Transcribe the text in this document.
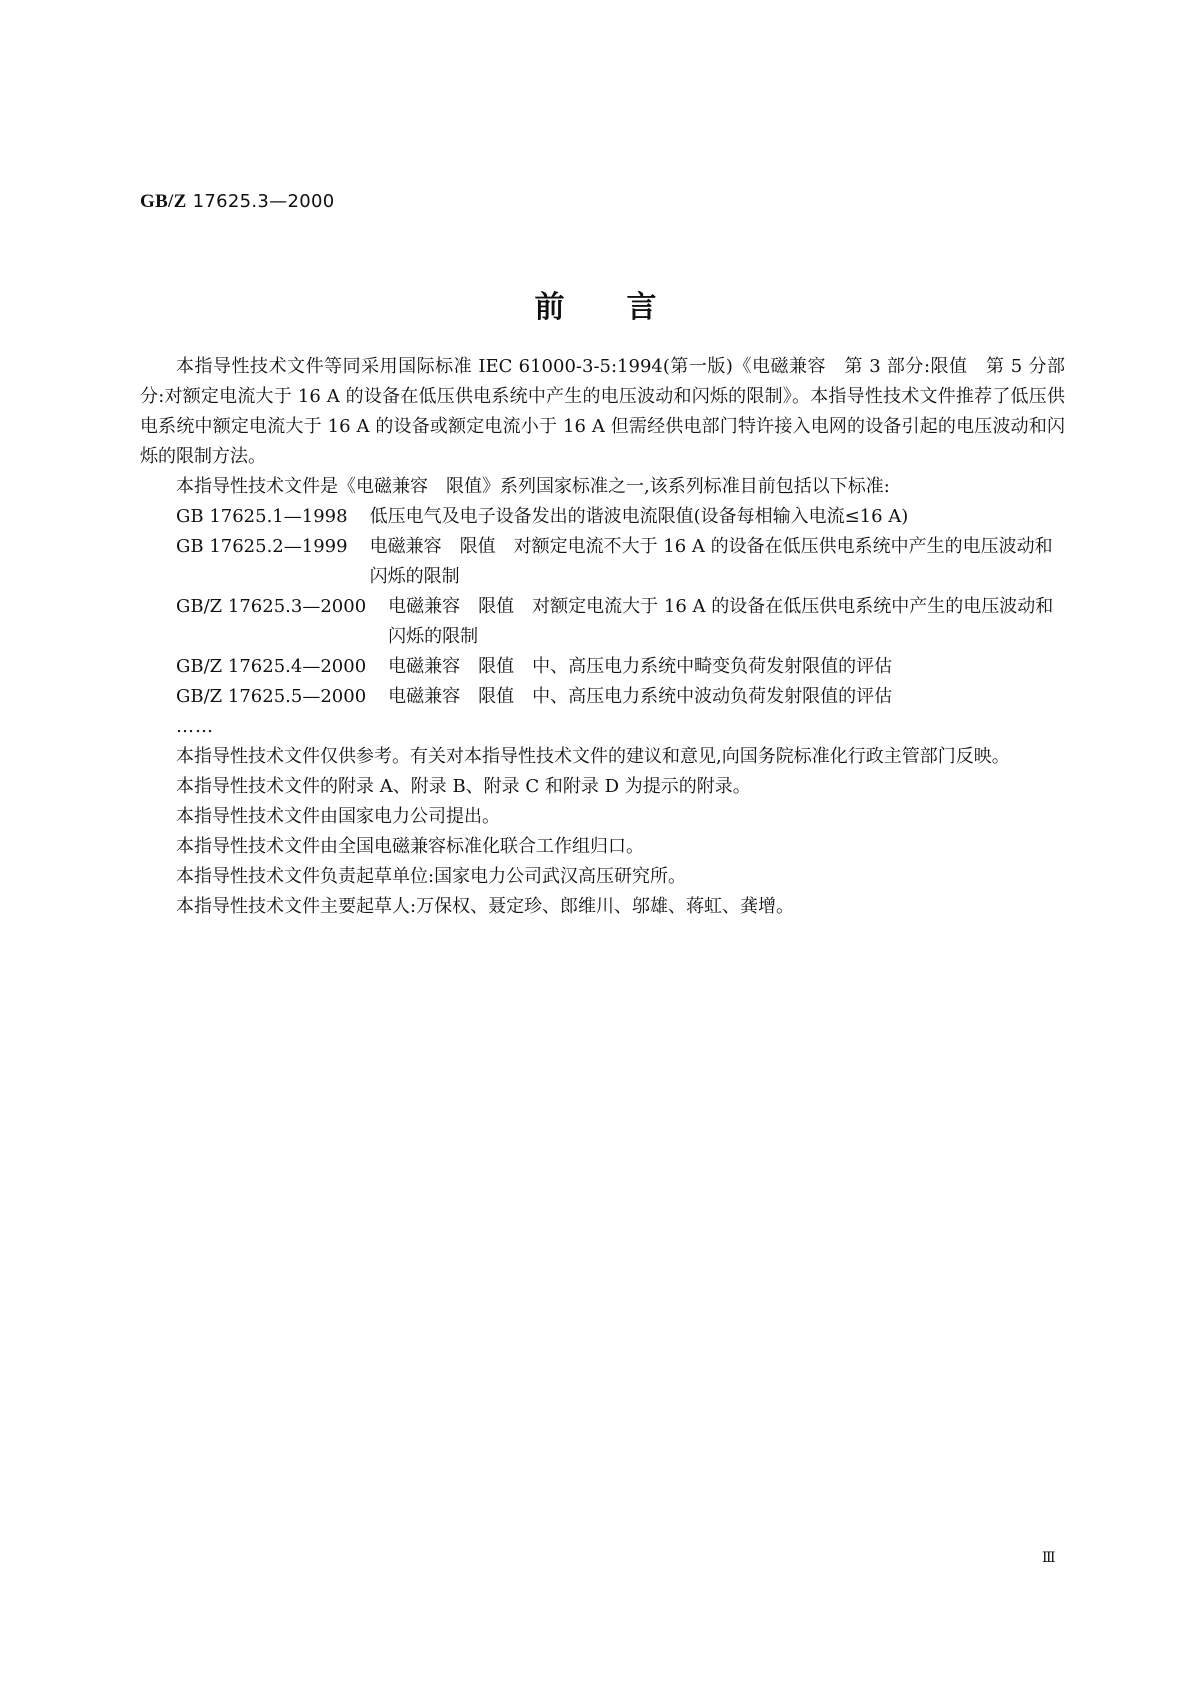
GB/Z 17625.3—2000
前言

本指导性技术文件等同采用国际标准 IEC 61000-3-5:1994(第一版)《电磁兼容　第 3 部分:限值　第 5 分部分:对额定电流大于 16 A 的设备在低压供电系统中产生的电压波动和闪烁的限制》。本指导性技术文件推荐了低压供电系统中额定电流大于 16 A 的设备或额定电流小于 16 A 但需经供电部门特许接入电网的设备引起的电压波动和闪烁的限制方法。

本指导性技术文件是《电磁兼容　限值》系列国家标准之一,该系列标准目前包括以下标准:

GB 17625.1—1998	低压电气及电子设备发出的谐波电流限值(设备每相输入电流≤16 A)
GB 17625.2—1999	电磁兼容　限值　对额定电流不大于 16 A 的设备在低压供电系统中产生的电压波动和闪烁的限制
GB/Z 17625.3—2000	电磁兼容　限值　对额定电流大于 16 A 的设备在低压供电系统中产生的电压波动和闪烁的限制
GB/Z 17625.4—2000	电磁兼容　限值　中、高压电力系统中畸变负荷发射限值的评估
GB/Z 17625.5—2000	电磁兼容　限值　中、高压电力系统中波动负荷发射限值的评估
……

本指导性技术文件仅供参考。有关对本指导性技术文件的建议和意见,向国务院标准化行政主管部门反映。

本指导性技术文件的附录 A、附录 B、附录 C 和附录 D 为提示的附录。

本指导性技术文件由国家电力公司提出。

本指导性技术文件由全国电磁兼容标准化联合工作组归口。

本指导性技术文件负责起草单位:国家电力公司武汉高压研究所。

本指导性技术文件主要起草人:万保权、聂定珍、郎维川、邬雄、蒋虹、龚增。

Ⅲ
